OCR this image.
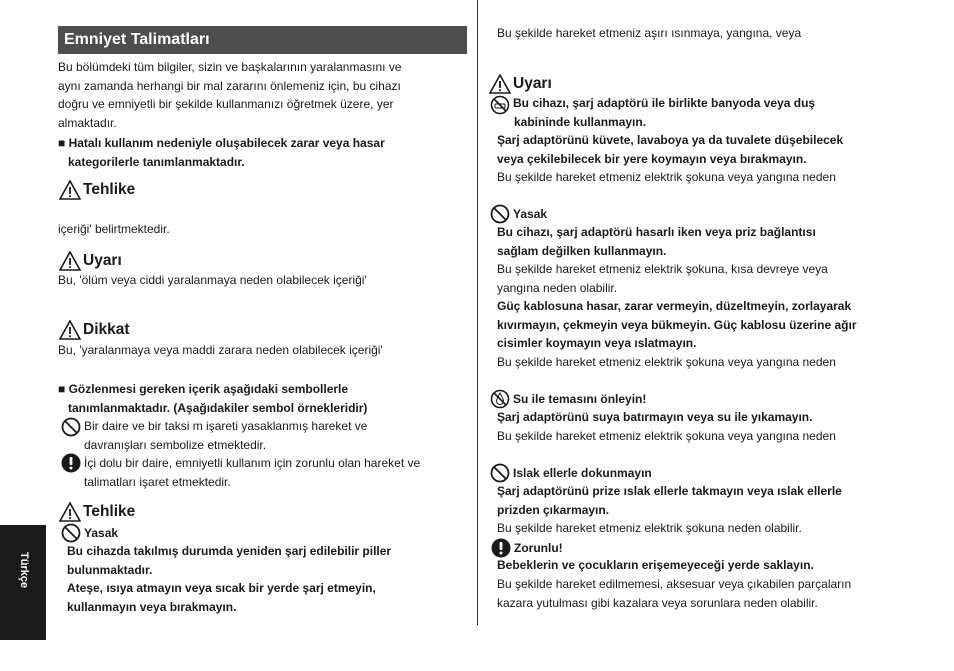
Emniyet Talimatları
Bu bölümdeki tüm bilgiler, sizin ve başkalarının yaralanmasını ve
aynı zamanda herhangi bir mal zararını önlemeniz için, bu cihazı
doğru ve emniyetli bir şekilde kullanmanızı öğretmek üzere, yer
almaktadır.
■ Hatalı kullanım nedeniyle oluşabilecek zarar veya hasar
kategorilerle tanımlanmaktadır.
Tehlike
içeriği' belirtmektedir.
Uyarı
Bu, 'ölüm veya ciddi yaralanmaya neden olabilecek içeriği'
Dikkat
Bu, 'yaralanmaya veya maddi zarara neden olabilecek içeriği'
■ Gözlenmesi gereken içerik aşağıdaki sembollerle
tanımlanmaktadır. (Aşağıdakiler sembol örnekleridir)
Bir daire ve bir taksi m işareti yasaklanmış hareket ve
davranışları sembolize etmektedir.
İçi dolu bir daire, emniyetli kullanım için zorunlu olan hareket ve
talimatları işaret etmektedir.
Tehlike
Yasak
Bu cihazda takılmış durumda yeniden şarj edilebilir piller
bulunmaktadır.
Ateşe, ısıya atmayın veya sıcak bir yerde şarj etmeyin,
kullanmayın veya bırakmayın.
Türkçe
Bu şekilde hareket etmeniz aşırı ısınmaya, yangına, veya
Uyarı
Bu cihazı, şarj adaptörü ile birlikte banyoda veya duş
kabininde kullanmayın.
Şarj adaptörünü küvete, lavaboya ya da tuvalete düşebilecek
veya çekilebilecek bir yere koymayın veya bırakmayın.
Bu şekilde hareket etmeniz elektrik şokuna veya yangına neden
Yasak
Bu cihazı, şarj adaptörü hasarlı iken veya priz bağlantısı
sağlam değilken kullanmayın.
Bu şekilde hareket etmeniz elektrik şokuna, kısa devreye veya
yangına neden olabilir.
Güç kablosuna hasar, zarar vermeyin, düzeltmeyin, zorlayarak
kıvırmayın, çekmeyin veya bükmeyin. Güç kablosu üzerine ağır
cisimler koymayın veya ıslatmayın.
Bu şekilde hareket etmeniz elektrik şokuna veya yangına neden
Su ile temasını önleyin!
Şarj adaptörünü suya batırmayın veya su ile yıkamayın.
Bu şekilde hareket etmeniz elektrik şokuna veya yangına neden
Islak ellerle dokunmayın
Şarj adaptörünü prize ıslak ellerle takmayın veya ıslak ellerle
prizden çıkarmayın.
Bu şekilde hareket etmeniz elektrik şokuna neden olabilir.
Zorunlu!
Bebeklerin ve çocukların erişemeyeceği yerde saklayın.
Bu şekilde hareket edilmemesi, aksesuar veya çıkabilen parçaların
kazara yutulması gibi kazalara veya sorunlara neden olabilir.
